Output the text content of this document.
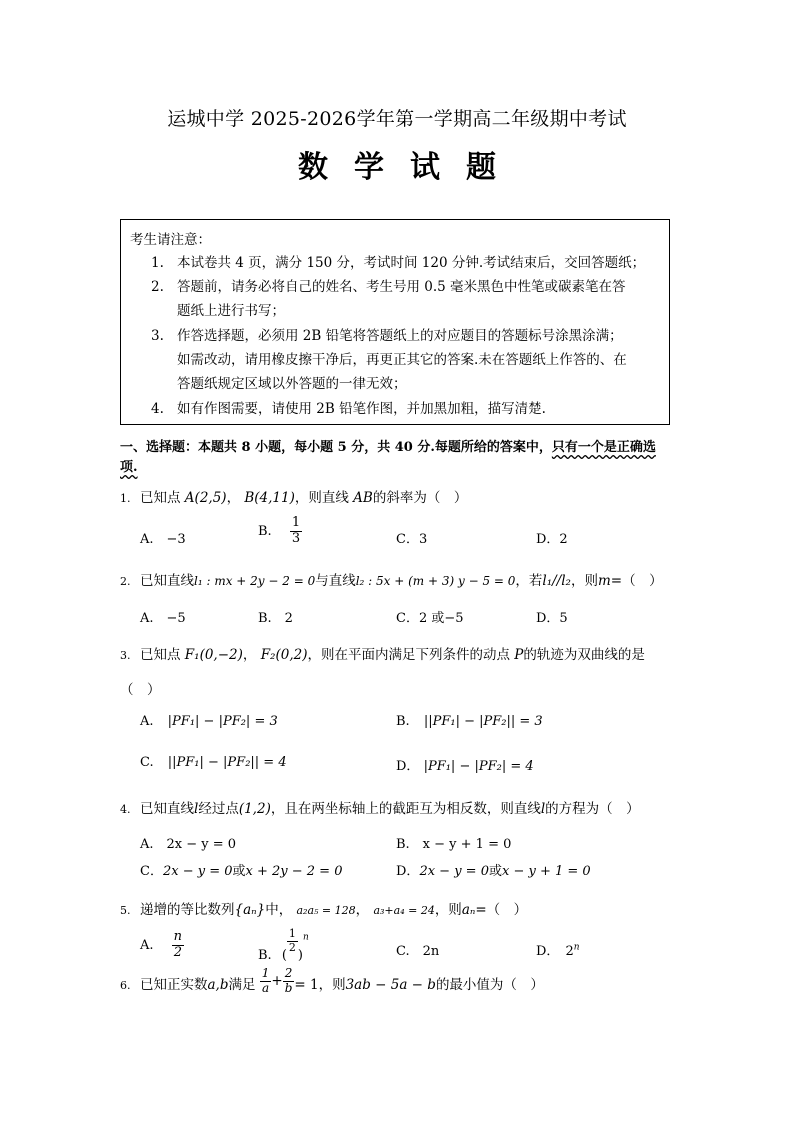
运城中学 2025-2026学年第一学期高二年级期中考试
数学试题
考生请注意：
1. 本试卷共 4 页，满分 150 分，考试时间 120 分钟.考试结束后，交回答题纸；
2. 答题前，请务必将自己的姓名、考生号用 0.5 毫米黑色中性笔或碳素笔在答
题纸上进行书写；
3. 作答选择题，必须用 2B 铅笔将答题纸上的对应题目的答题标号涂黑涂满；
如需改动，请用橡皮擦干净后，再更正其它的答案.未在答题纸上作答的、在
答题纸规定区域以外答题的一律无效；
4. 如有作图需要，请使用 2B 铅笔作图，并加黑加粗，描写清楚.
一、选择题：本题共 8 小题，每小题 5 分，共 40 分.每题所给的答案中，只有一个是正确选
项.
1. 已知点 A(2,5)， B(4,11)，则直线 AB的斜率为（　）
A.　−3
B. $\frac{1}{3}$	C．3	D．2
2. 已知直线l₁ : mx + 2y − 2 = 0与直线l₂ : 5x + (m + 3) y − 5 = 0，若l₁//l₂，则m=（　）
A.　−5	B.　2	C．2 或−5	D．5
3. 已知点 F₁(0,−2)， F₂(0,2)，则在平面内满足下列条件的动点 P的轨迹为双曲线的是
（　）
A. |PF₁| − |PF₂| = 3	B. ||PF₁| − |PF₂|| = 3
C. ||PF₁| − |PF₂|| = 4	D． |PF₁| − |PF₂| = 4
4. 已知直线l经过点(1,2)，且在两坐标轴上的截距互为相反数，则直线l的方程为（　）
A.　2x − y = 0	B.　x − y + 1 = 0
C．2x − y = 0或x + 2y − 2 = 0	D．2x − y = 0或x − y + 1 = 0
5. 递增的等比数列{aₙ}中， a₂a₅ = 128， a₃+a₄ = 24，则aₙ=（　）
A. $\frac{n}{2}$	B. (
$\frac{1}{2}$
)$^n$
C.　2n	D． 2$^n$
6. 已知正实数a,b满足 $\frac{1}{a} + \frac{2}{b} = 1$，则3ab − 5a − b的最小值为（　）
